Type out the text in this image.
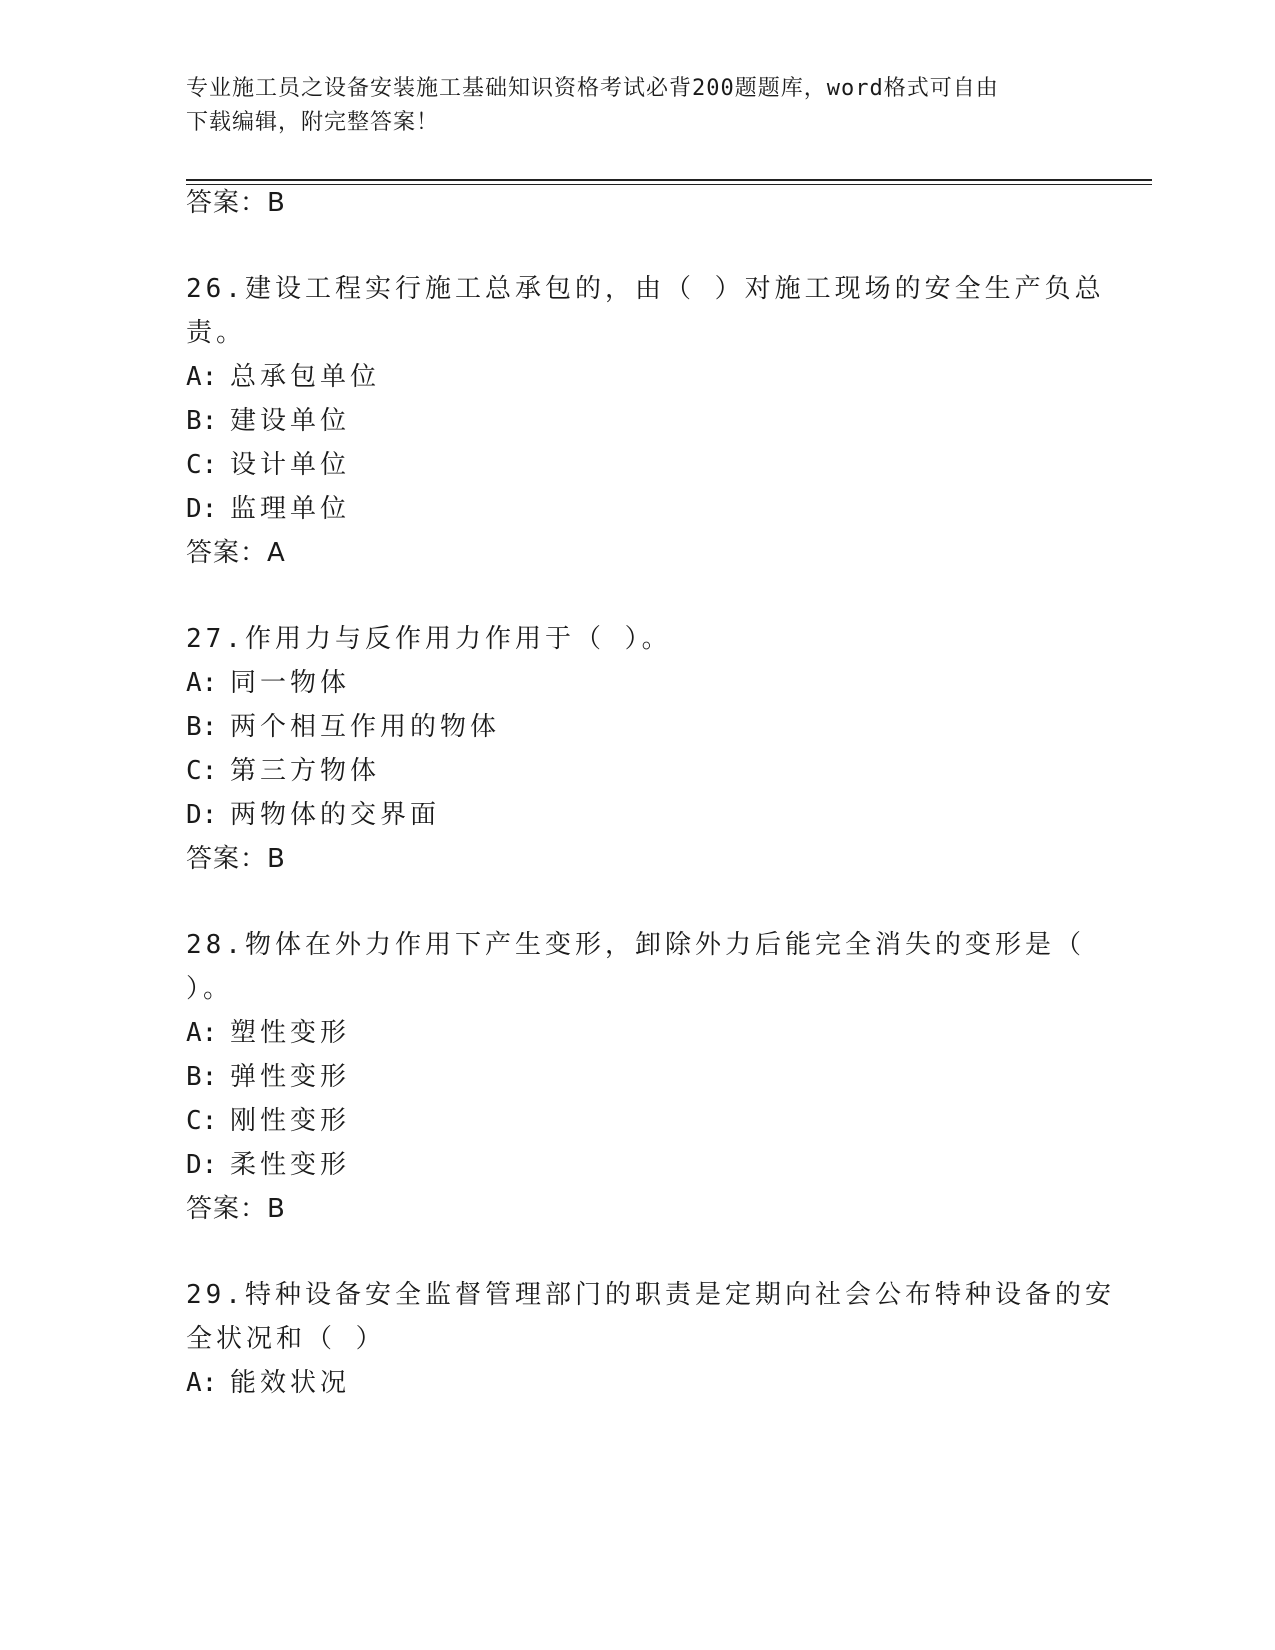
专业施工员之设备安装施工基础知识资格考试必背200题题库，word格式可自由
下载编辑，附完整答案！
答案：B
26.建设工程实行施工总承包的，由（ ）对施工现场的安全生产负总
责。
A: 总承包单位
B: 建设单位
C: 设计单位
D: 监理单位
答案：A
27.作用力与反作用力作用于（ ）。
A: 同一物体
B: 两个相互作用的物体
C: 第三方物体
D: 两物体的交界面
答案：B
28.物体在外力作用下产生变形，卸除外力后能完全消失的变形是（
）。
A: 塑性变形
B: 弹性变形
C: 刚性变形
D: 柔性变形
答案：B
29.特种设备安全监督管理部门的职责是定期向社会公布特种设备的安
全状况和（ ）
A: 能效状况
